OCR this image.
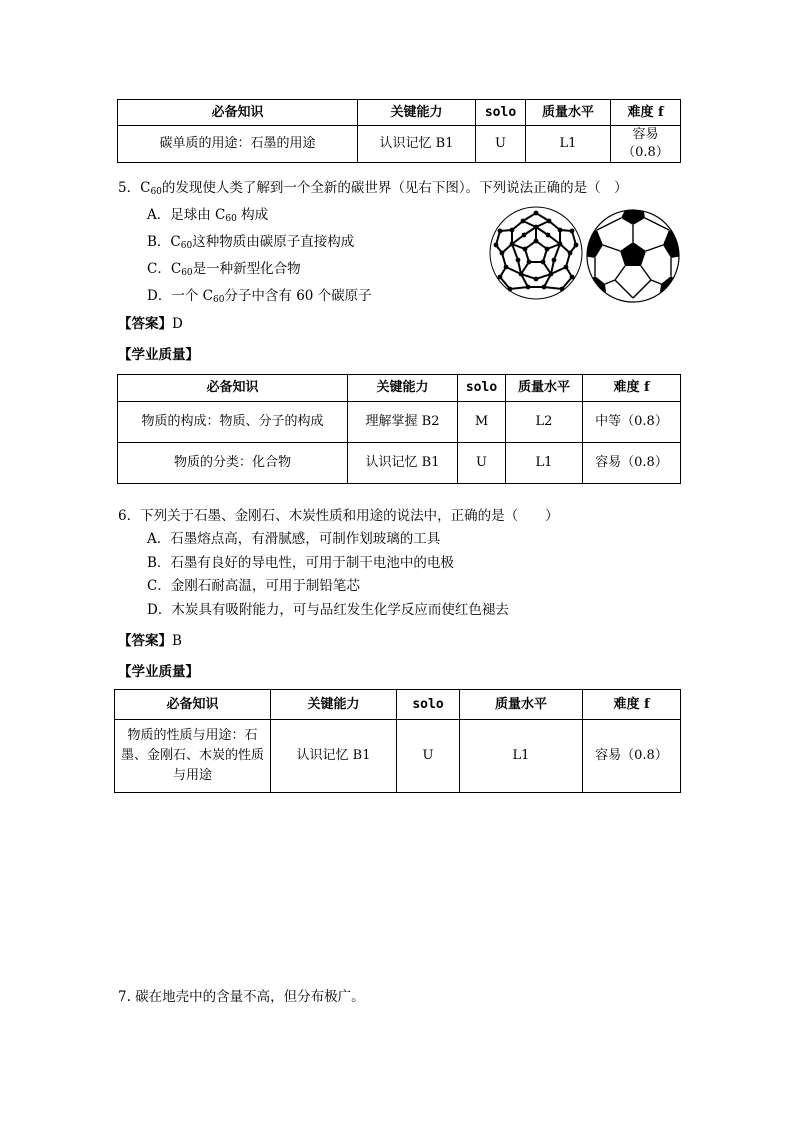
必备知识	关键能力	solo	质量水平	难度 f
碳单质的用途：石墨的用途	认识记忆 B1	U	L1	容易（0.8）
5．$C_{60}$的发现使人类了解到一个全新的碳世界（见右下图）。下列说法正确的是（　）
A．足球由 $C_{60}$ 构成
B．$C_{60}$这种物质由碳原子直接构成
C．$C_{60}$是一种新型化合物
D．一个 $C_{60}$分子中含有 60 个碳原子
【答案】D
【学业质量】
必备知识	关键能力	solo	质量水平	难度 f
物质的构成：物质、分子的构成	理解掌握 B2	M	L2	中等（0.8）
物质的分类：化合物	认识记忆 B1	U	L1	容易（0.8）
6．下列关于石墨、金刚石、木炭性质和用途的说法中，正确的是（　　）
A．石墨熔点高，有滑腻感，可制作划玻璃的工具
B．石墨有良好的导电性，可用于制干电池中的电极
C．金刚石耐高温，可用于制铅笔芯
D．木炭具有吸附能力，可与品红发生化学反应而使红色褪去
【答案】B
【学业质量】
必备知识	关键能力	solo	质量水平	难度 f
物质的性质与用途：石墨、金刚石、木炭的性质与用途	认识记忆 B1	U	L1	容易（0.8）
7. 碳在地壳中的含量不高，但分布极广。
